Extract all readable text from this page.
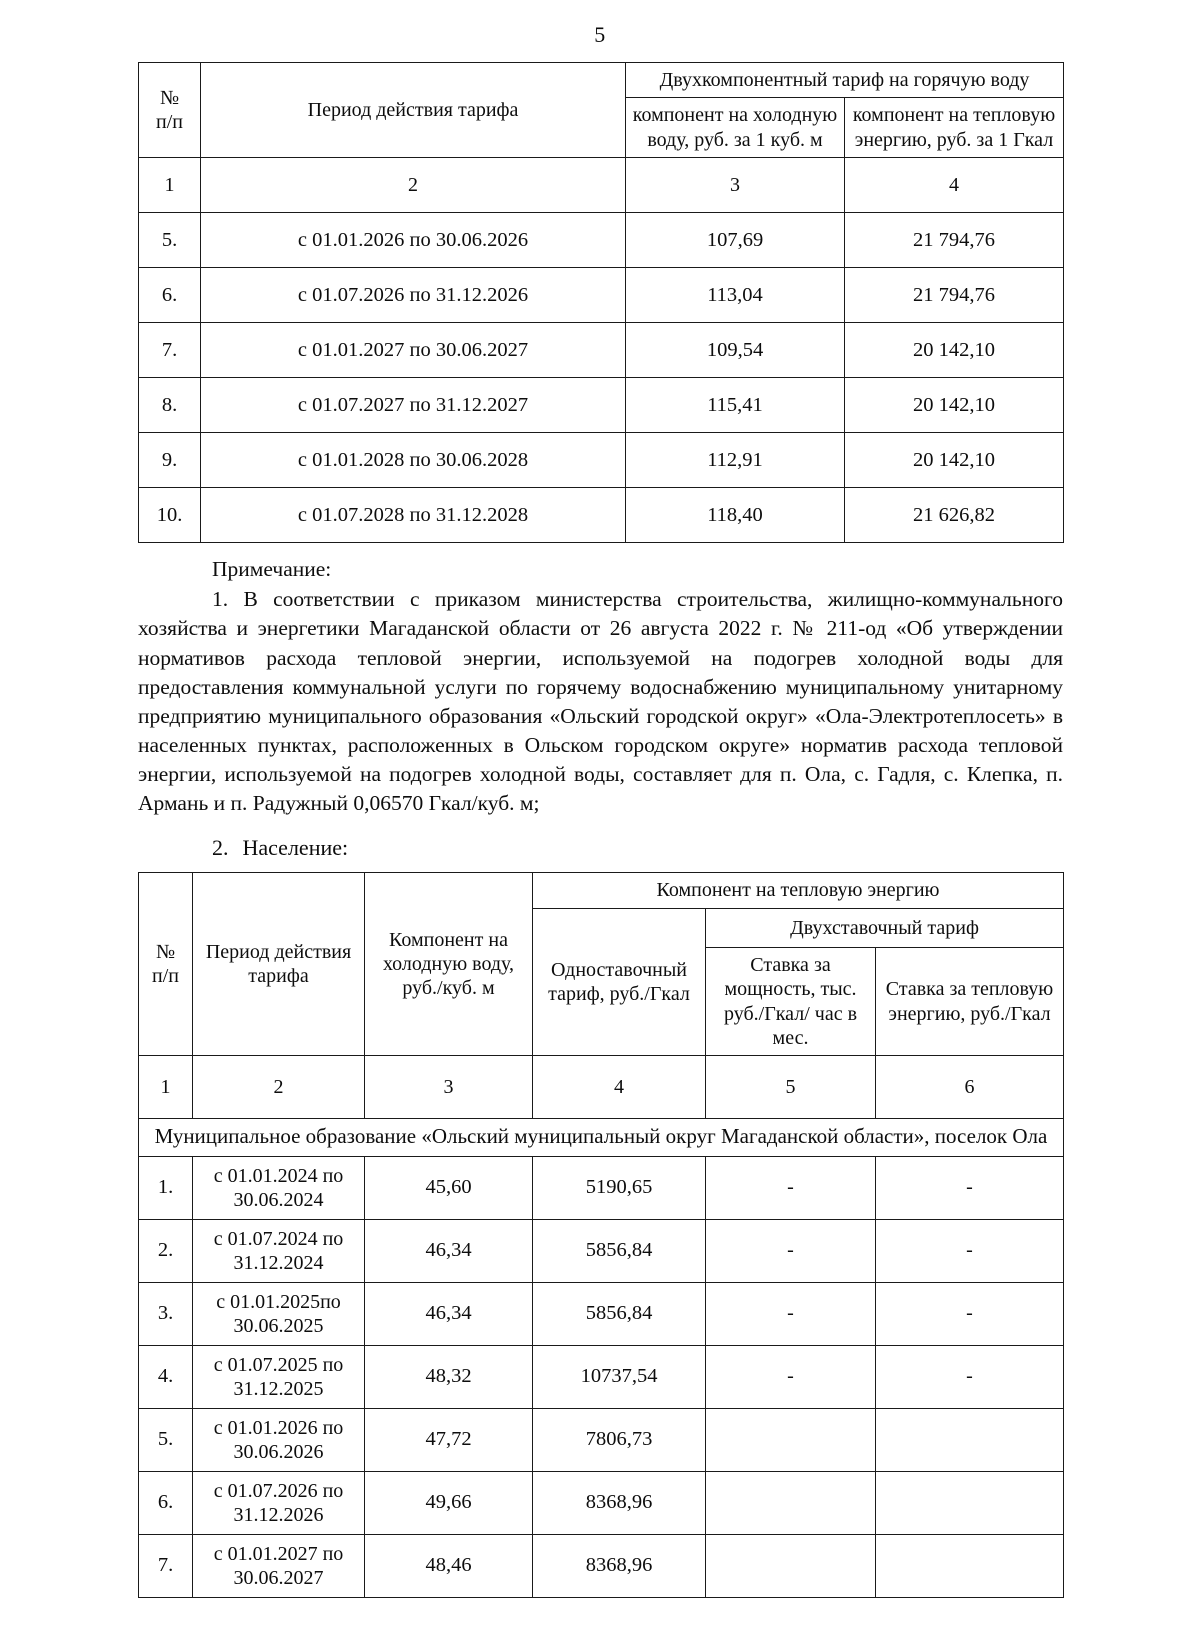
5
№
п/п	Период действия тарифа	Двухкомпонентный тариф на горячую воду	
		компонент на холодную воду, руб. за 1 куб. м	компонент на тепловую энергию, руб. за 1 Гкал

1	2	3	4
5.	с 01.01.2026 по 30.06.2026	107,69	21 794,76
6.	с 01.07.2026 по 31.12.2026	113,04	21 794,76
7.	с 01.01.2027 по 30.06.2027	109,54	20 142,10
8.	с 01.07.2027 по 31.12.2027	115,41	20 142,10
9.	с 01.01.2028 по 30.06.2028	112,91	20 142,10
10.	с 01.07.2028 по 31.12.2028	118,40	21 626,82

Примечание:

1. В соответствии с приказом министерства строительства, жилищно-коммунального хозяйства и энергетики Магаданской области от 26 августа 2022 г. № 211-од «Об утверждении нормативов расхода тепловой энергии, используемой на подогрев холодной воды для предоставления коммунальной услуги по горячему водоснабжению муниципальному унитарному предприятию муниципального образования «Ольский городской округ» «Ола-Электротеплосеть» в населенных пунктах, расположенных в Ольском городском округе» норматив расхода тепловой энергии, используемой на подогрев холодной воды, составляет для п. Ола, с. Гадля, с. Клепка, п. Армань и п. Радужный 0,06570 Гкал/куб. м;

2. Население:
№
п/п	Период действия тарифа	Компонент на холодную воду, руб./куб. м	Компонент на тепловую энергию		
			Одноставочный тариф, руб./Гкал	Двухставочный тариф	
				Ставка за мощность, тыс. руб./Гкал/ час в мес.	Ставка за тепловую энергию, руб./Гкал
1	2	3	4	5	6
Муниципальное образование «Ольский муниципальный округ Магаданской области», поселок Ола					
1.	с 01.01.2024 по 30.06.2024	45,60	5190,65	-	-
2.	с 01.07.2024 по 31.12.2024	46,34	5856,84	-	-
3.	с 01.01.2025по 30.06.2025	46,34	5856,84	-	-
4.	с 01.07.2025 по 31.12.2025	48,32	10737,54	-	-
5.	с 01.01.2026 по 30.06.2026	47,72	7806,73		
6.	с 01.07.2026 по 31.12.2026	49,66	8368,96		
7.	с 01.01.2027 по 30.06.2027	48,46	8368,96		
